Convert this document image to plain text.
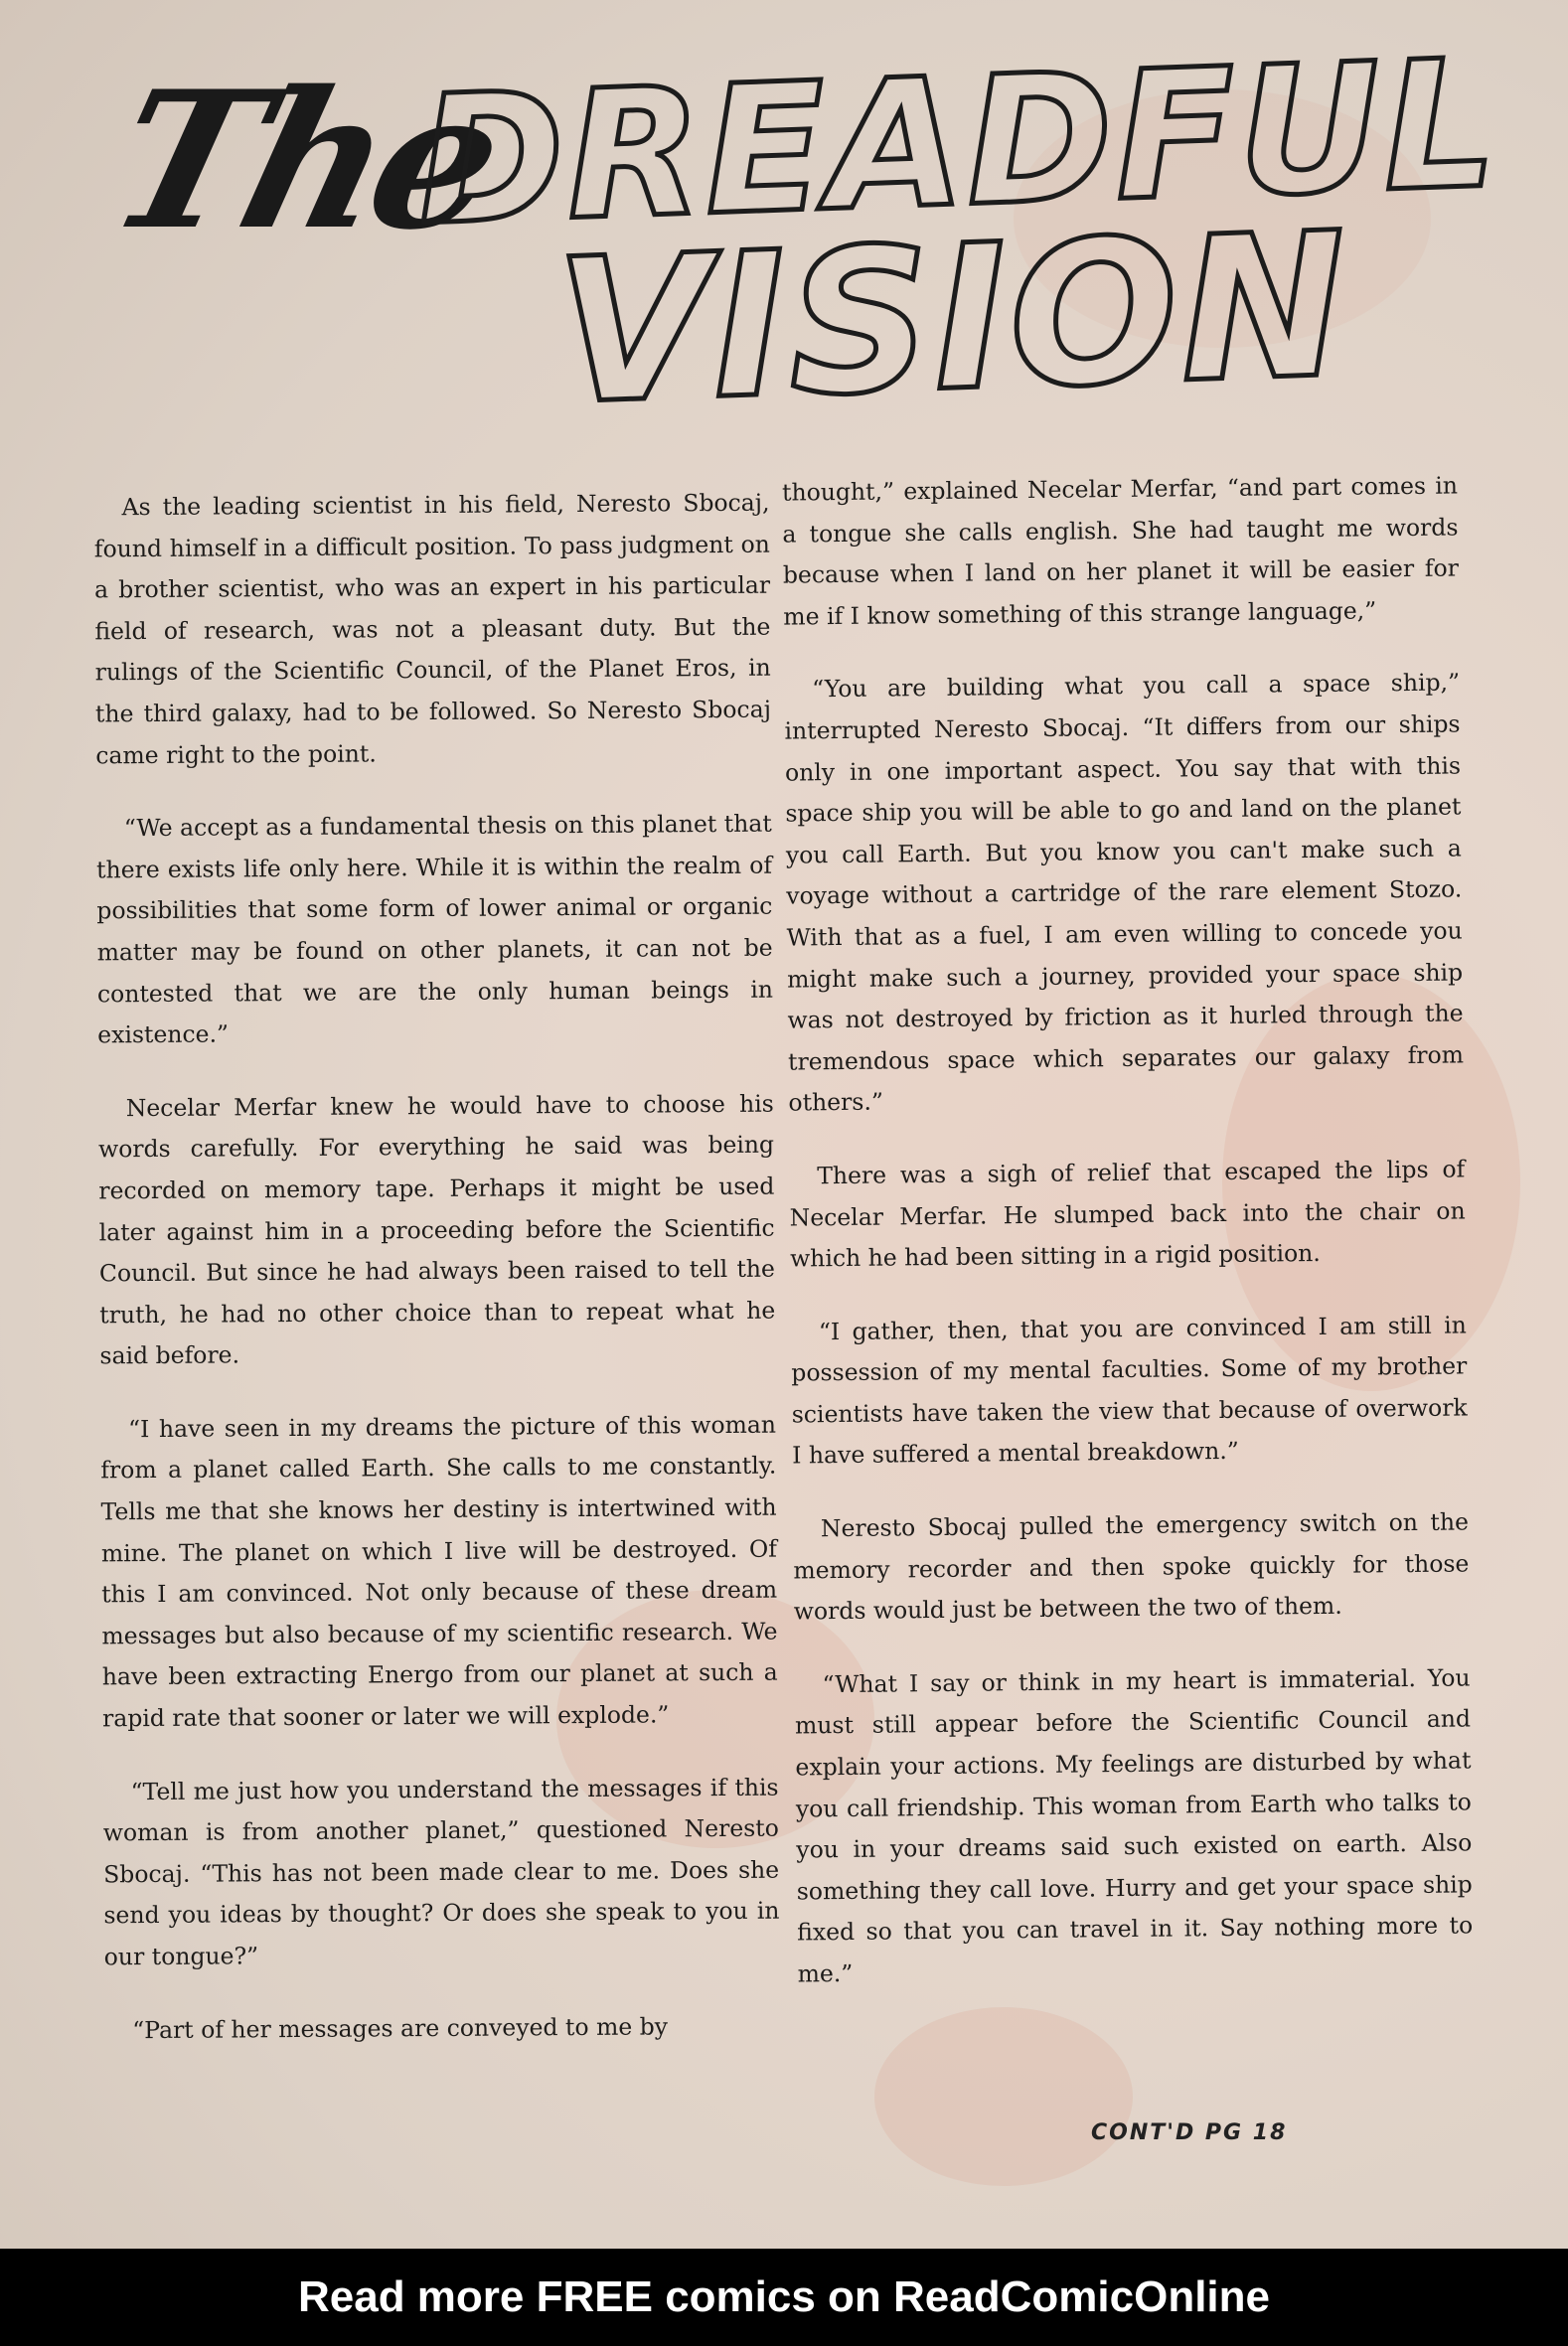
The
DREADFUL
VISION

As the leading scientist in his field, Neresto Sbocaj, found himself in a difficult position. To pass judgment on a brother scientist, who was an expert in his particular field of research, was not a pleasant duty. But the rulings of the Scientific Council, of the Planet Eros, in the third galaxy, had to be followed. So Neresto Sbocaj came right to the point.

“We accept as a fundamental thesis on this planet that there exists life only here. While it is within the realm of possibilities that some form of lower animal or organic matter may be found on other planets, it can not be contested that we are the only human beings in existence.”

Necelar Merfar knew he would have to choose his words carefully. For everything he said was being recorded on memory tape. Perhaps it might be used later against him in a proceeding before the Scientific Council. But since he had always been raised to tell the truth, he had no other choice than to repeat what he said before.

“I have seen in my dreams the picture of this woman from a planet called Earth. She calls to me constantly. Tells me that she knows her destiny is intertwined with mine. The planet on which I live will be destroyed. Of this I am convinced. Not only because of these dream messages but also because of my scientific research. We have been extracting Energo from our planet at such a rapid rate that sooner or later we will explode.”

“Tell me just how you understand the messages if this woman is from another planet,” questioned Neresto Sbocaj. “This has not been made clear to me. Does she send you ideas by thought? Or does she speak to you in our tongue?”

“Part of her messages are conveyed to me by

thought,” explained Necelar Merfar, “and part comes in a tongue she calls english. She had taught me words because when I land on her planet it will be easier for me if I know something of this strange language,”

“You are building what you call a space ship,” interrupted Neresto Sbocaj. “It differs from our ships only in one important aspect. You say that with this space ship you will be able to go and land on the planet you call Earth. But you know you can't make such a voyage without a cartridge of the rare element Stozo. With that as a fuel, I am even willing to concede you might make such a journey, provided your space ship was not destroyed by friction as it hurled through the tremendous space which separates our galaxy from others.”

There was a sigh of relief that escaped the lips of Necelar Merfar. He slumped back into the chair on which he had been sitting in a rigid position.

“I gather, then, that you are convinced I am still in possession of my mental faculties. Some of my brother scientists have taken the view that because of overwork I have suffered a mental breakdown.”

Neresto Sbocaj pulled the emergency switch on the memory recorder and then spoke quickly for those words would just be between the two of them.

“What I say or think in my heart is immaterial. You must still appear before the Scientific Council and explain your actions. My feelings are disturbed by what you call friendship. This woman from Earth who talks to you in your dreams said such existed on earth. Also something they call love. Hurry and get your space ship fixed so that you can travel in it. Say nothing more to me.”

CONT'D PG 18
Read more FREE comics on ReadComicOnline
